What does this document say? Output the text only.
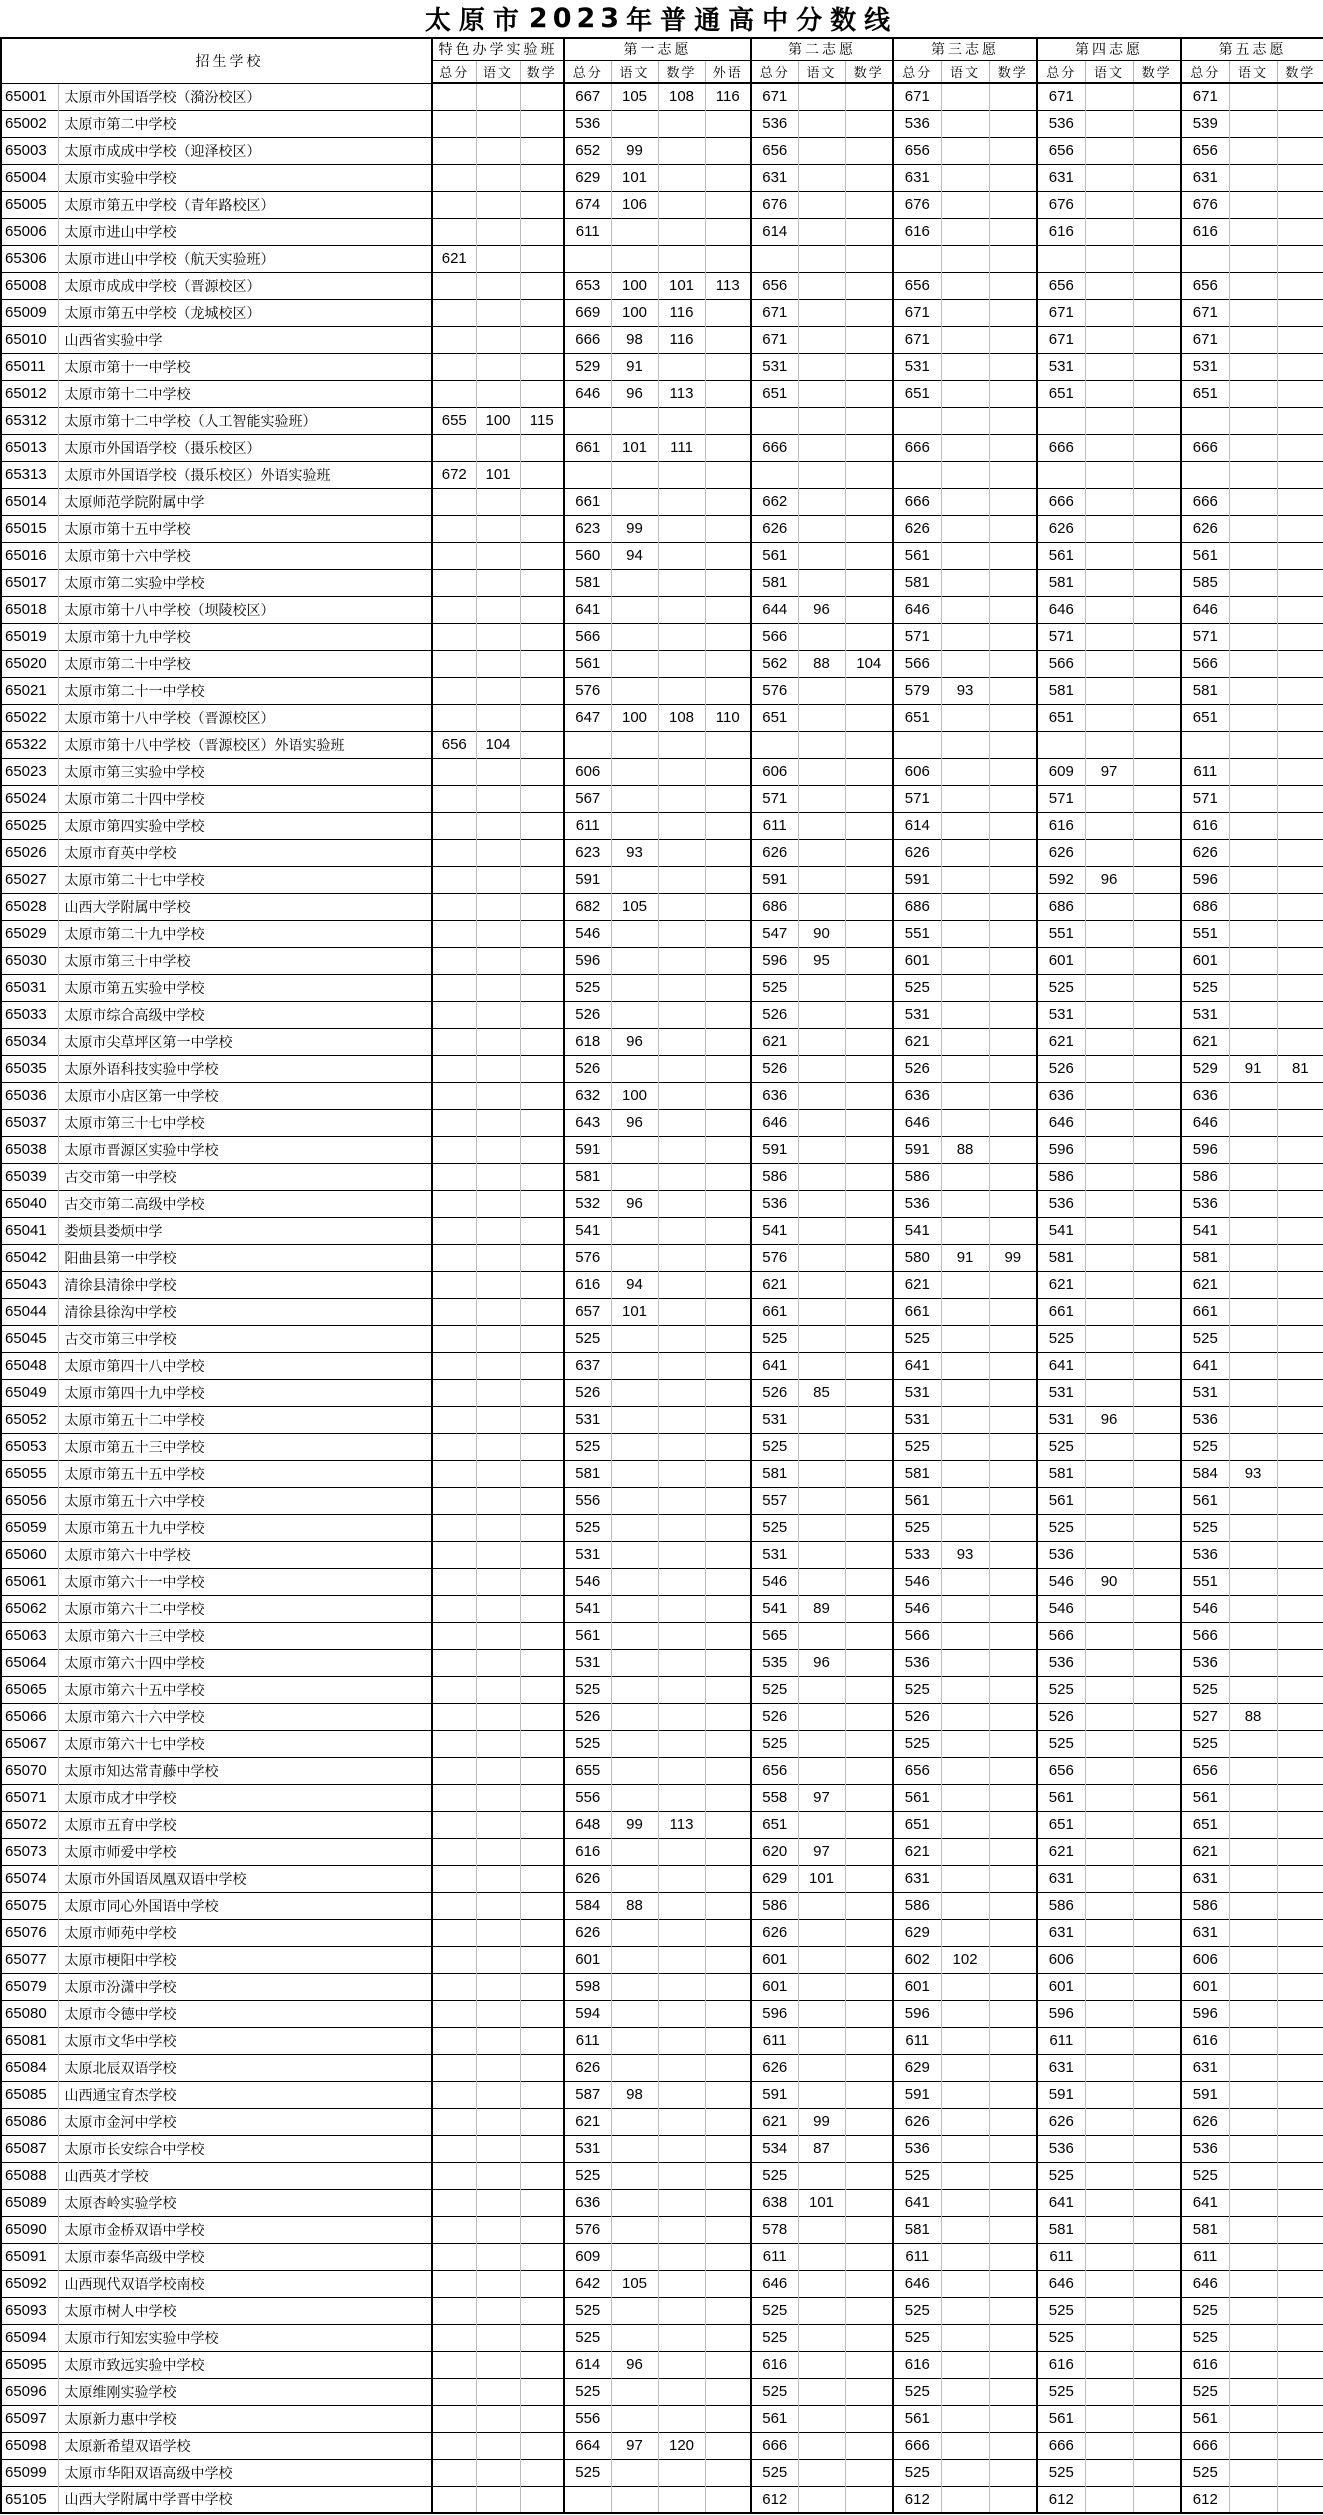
太原市 2023 年普通高中分数线
招生学校		特色办学实验班			第一志愿				第二志愿			第三志愿			第四志愿			第五志愿		
		总分	语文	数学	总分	语文	数学	外语	总分	语文	数学	总分	语文	数学	总分	语文	数学	总分	语文	数学
65001	太原市外国语学校（漪汾校区）				667	105	108	116	671			671			671			671		
65002	太原市第二中学校				536				536			536			536			539		
65003	太原市成成中学校（迎泽校区）				652	99			656			656			656			656		
65004	太原市实验中学校				629	101			631			631			631			631		
65005	太原市第五中学校（青年路校区）				674	106			676			676			676			676		
65006	太原市进山中学校				611				614			616			616			616		
65306	太原市进山中学校（航天实验班）	621																		
65008	太原市成成中学校（晋源校区）				653	100	101	113	656			656			656			656		
65009	太原市第五中学校（龙城校区）				669	100	116		671			671			671			671		
65010	山西省实验中学				666	98	116		671			671			671			671		
65011	太原市第十一中学校				529	91			531			531			531			531		
65012	太原市第十二中学校				646	96	113		651			651			651			651		
65312	太原市第十二中学校（人工智能实验班）	655	100	115																
65013	太原市外国语学校（摄乐校区）				661	101	111		666			666			666			666		
65313	太原市外国语学校（摄乐校区）外语实验班	672	101																	
65014	太原师范学院附属中学				661				662			666			666			666		
65015	太原市第十五中学校				623	99			626			626			626			626		
65016	太原市第十六中学校				560	94			561			561			561			561		
65017	太原市第二实验中学校				581				581			581			581			585		
65018	太原市第十八中学校（坝陵校区）				641				644	96		646			646			646		
65019	太原市第十九中学校				566				566			571			571			571		
65020	太原市第二十中学校				561				562	88	104	566			566			566		
65021	太原市第二十一中学校				576				576			579	93		581			581		
65022	太原市第十八中学校（晋源校区）				647	100	108	110	651			651			651			651		
65322	太原市第十八中学校（晋源校区）外语实验班	656	104																	
65023	太原市第三实验中学校				606				606			606			609	97		611		
65024	太原市第二十四中学校				567				571			571			571			571		
65025	太原市第四实验中学校				611				611			614			616			616		
65026	太原市育英中学校				623	93			626			626			626			626		
65027	太原市第二十七中学校				591				591			591			592	96		596		
65028	山西大学附属中学校				682	105			686			686			686			686		
65029	太原市第二十九中学校				546				547	90		551			551			551		
65030	太原市第三十中学校				596				596	95		601			601			601		
65031	太原市第五实验中学校				525				525			525			525			525		
65033	太原市综合高级中学校				526				526			531			531			531		
65034	太原市尖草坪区第一中学校				618	96			621			621			621			621		
65035	太原外语科技实验中学校				526				526			526			526			529	91	81
65036	太原市小店区第一中学校				632	100			636			636			636			636		
65037	太原市第三十七中学校				643	96			646			646			646			646		
65038	太原市晋源区实验中学校				591				591			591	88		596			596		
65039	古交市第一中学校				581				586			586			586			586		
65040	古交市第二高级中学校				532	96			536			536			536			536		
65041	娄烦县娄烦中学				541				541			541			541			541		
65042	阳曲县第一中学校				576				576			580	91	99	581			581		
65043	清徐县清徐中学校				616	94			621			621			621			621		
65044	清徐县徐沟中学校				657	101			661			661			661			661		
65045	古交市第三中学校				525				525			525			525			525		
65048	太原市第四十八中学校				637				641			641			641			641		
65049	太原市第四十九中学校				526				526	85		531			531			531		
65052	太原市第五十二中学校				531				531			531			531	96		536		
65053	太原市第五十三中学校				525				525			525			525			525		
65055	太原市第五十五中学校				581				581			581			581			584	93	
65056	太原市第五十六中学校				556				557			561			561			561		
65059	太原市第五十九中学校				525				525			525			525			525		
65060	太原市第六十中学校				531				531			533	93		536			536		
65061	太原市第六十一中学校				546				546			546			546	90		551		
65062	太原市第六十二中学校				541				541	89		546			546			546		
65063	太原市第六十三中学校				561				565			566			566			566		
65064	太原市第六十四中学校				531				535	96		536			536			536		
65065	太原市第六十五中学校				525				525			525			525			525		
65066	太原市第六十六中学校				526				526			526			526			527	88	
65067	太原市第六十七中学校				525				525			525			525			525		
65070	太原市知达常青藤中学校				655				656			656			656			656		
65071	太原市成才中学校				556				558	97		561			561			561		
65072	太原市五育中学校				648	99	113		651			651			651			651		
65073	太原市师爱中学校				616				620	97		621			621			621		
65074	太原市外国语凤凰双语中学校				626				629	101		631			631			631		
65075	太原市同心外国语中学校				584	88			586			586			586			586		
65076	太原市师苑中学校				626				626			629			631			631		
65077	太原市梗阳中学校				601				601			602	102		606			606		
65079	太原市汾潇中学校				598				601			601			601			601		
65080	太原市令德中学校				594				596			596			596			596		
65081	太原市文华中学校				611				611			611			611			616		
65084	太原北辰双语学校				626				626			629			631			631		
65085	山西通宝育杰学校				587	98			591			591			591			591		
65086	太原市金河中学校				621				621	99		626			626			626		
65087	太原市长安综合中学校				531				534	87		536			536			536		
65088	山西英才学校				525				525			525			525			525		
65089	太原杏岭实验学校				636				638	101		641			641			641		
65090	太原市金桥双语中学校				576				578			581			581			581		
65091	太原市泰华高级中学校				609				611			611			611			611		
65092	山西现代双语学校南校				642	105			646			646			646			646		
65093	太原市树人中学校				525				525			525			525			525		
65094	太原市行知宏实验中学校				525				525			525			525			525		
65095	太原市致远实验中学校				614	96			616			616			616			616		
65096	太原维刚实验学校				525				525			525			525			525		
65097	太原新力惠中学校				556				561			561			561			561		
65098	太原新希望双语学校				664	97	120		666			666			666			666		
65099	太原市华阳双语高级中学校				525				525			525			525			525		
65105	山西大学附属中学晋中学校								612			612			612			612		
